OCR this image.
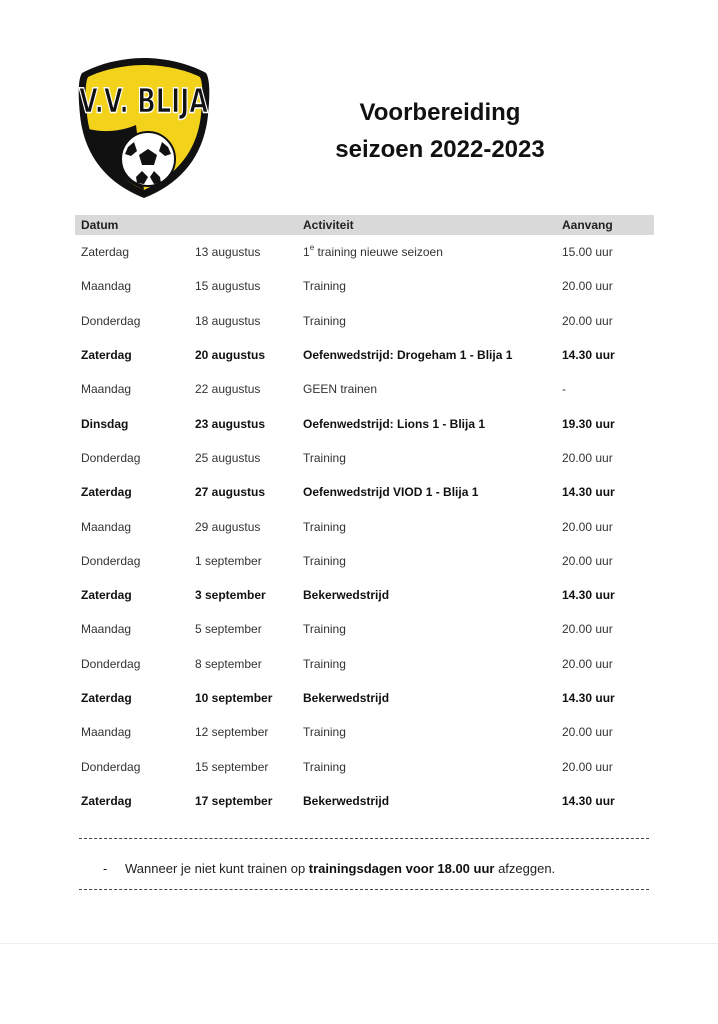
V.V. BLIJA	Voorbereiding
seizoen 2022-2023
Datum		Activiteit	Aanvang
Zaterdag	13 augustus	1e training nieuwe seizoen	15.00 uur
Maandag	15 augustus	Training	20.00 uur
Donderdag	18 augustus	Training	20.00 uur
Zaterdag	20 augustus	Oefenwedstrijd: Drogeham 1 - Blija 1	14.30 uur
Maandag	22 augustus	GEEN trainen	-
Dinsdag	23 augustus	Oefenwedstrijd: Lions 1 - Blija 1	19.30 uur
Donderdag	25 augustus	Training	20.00 uur
Zaterdag	27 augustus	Oefenwedstrijd VIOD 1 - Blija 1	14.30 uur
Maandag	29 augustus	Training	20.00 uur
Donderdag	1 september	Training	20.00 uur
Zaterdag	3 september	Bekerwedstrijd	14.30 uur
Maandag	5 september	Training	20.00 uur
Donderdag	8 september	Training	20.00 uur
Zaterdag	10 september	Bekerwedstrijd	14.30 uur
Maandag	12 september	Training	20.00 uur
Donderdag	15 september	Training	20.00 uur
Zaterdag	17 september	Bekerwedstrijd	14.30 uur
- Wanneer je niet kunt trainen op trainingsdagen voor 18.00 uur afzeggen.
